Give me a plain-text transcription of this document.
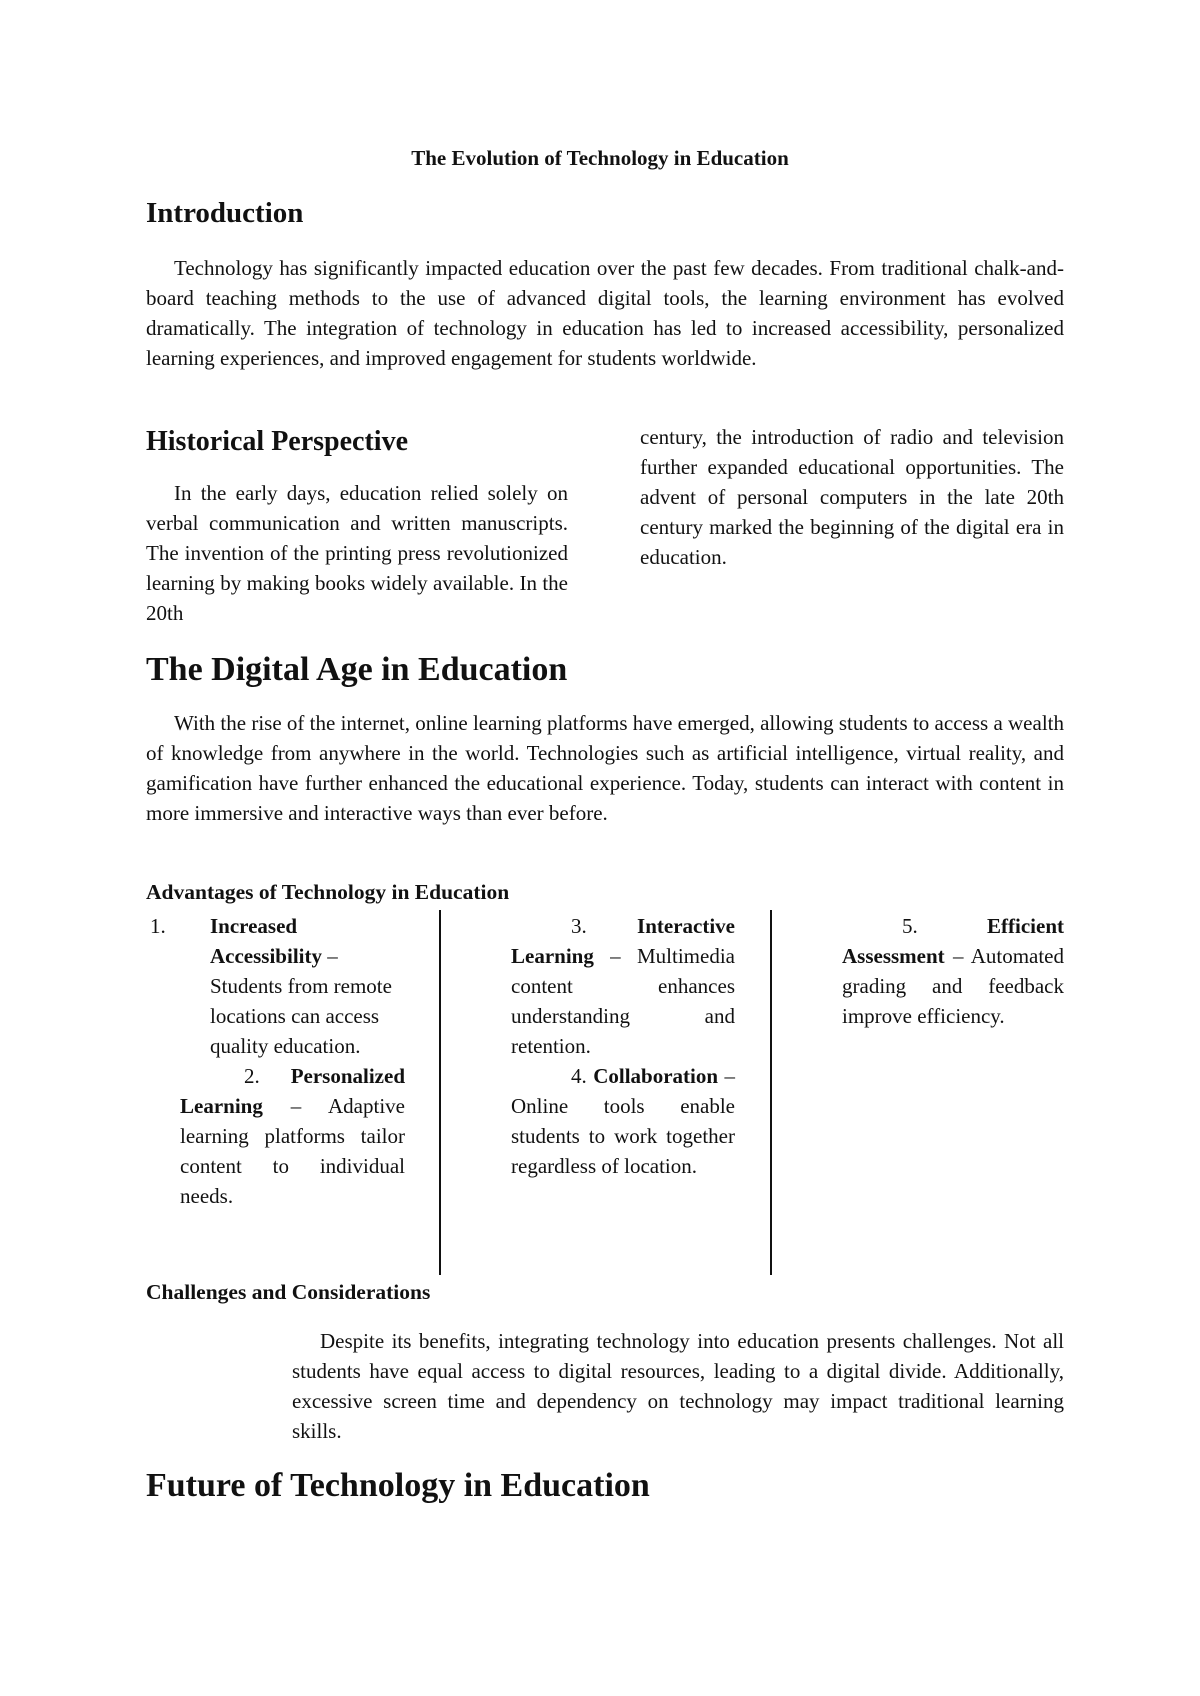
The Evolution of Technology in Education
Introduction

Technology has significantly impacted education over the past few decades. From traditional chalk-and-board teaching methods to the use of advanced digital tools, the learning environment has evolved dramatically. The integration of technology in education has led to increased accessibility, personalized learning experiences, and improved engagement for students worldwide.

Historical Perspective

In the early days, education relied solely on verbal communication and written manuscripts. The invention of the printing press revolutionized learning by making books widely available. In the 20th

century, the introduction of radio and television further expanded educational opportunities. The advent of personal computers in the late 20th century marked the beginning of the digital era in education.

The Digital Age in Education

With the rise of the internet, online learning platforms have emerged, allowing students to access a wealth of knowledge from anywhere in the world. Technologies such as artificial intelligence, virtual reality, and gamification have further enhanced the educational experience. Today, students can interact with content in more immersive and interactive ways than ever before.

Advantages of Technology in Education
1. Increased Accessibility – Students from remote locations can access quality education.
2. Personalized Learning – Adaptive learning platforms tailor content to individual needs.
3. Interactive Learning – Multimedia content enhances understanding and retention.
4. Collaboration – Online tools enable students to work together regardless of location.
5.	Efficient Assessment – Automated grading and feedback improve efficiency.
Challenges and Considerations

Despite its benefits, integrating technology into education presents challenges. Not all students have equal access to digital resources, leading to a digital divide. Additionally, excessive screen time and dependency on technology may impact traditional learning skills.

Future of Technology in Education
